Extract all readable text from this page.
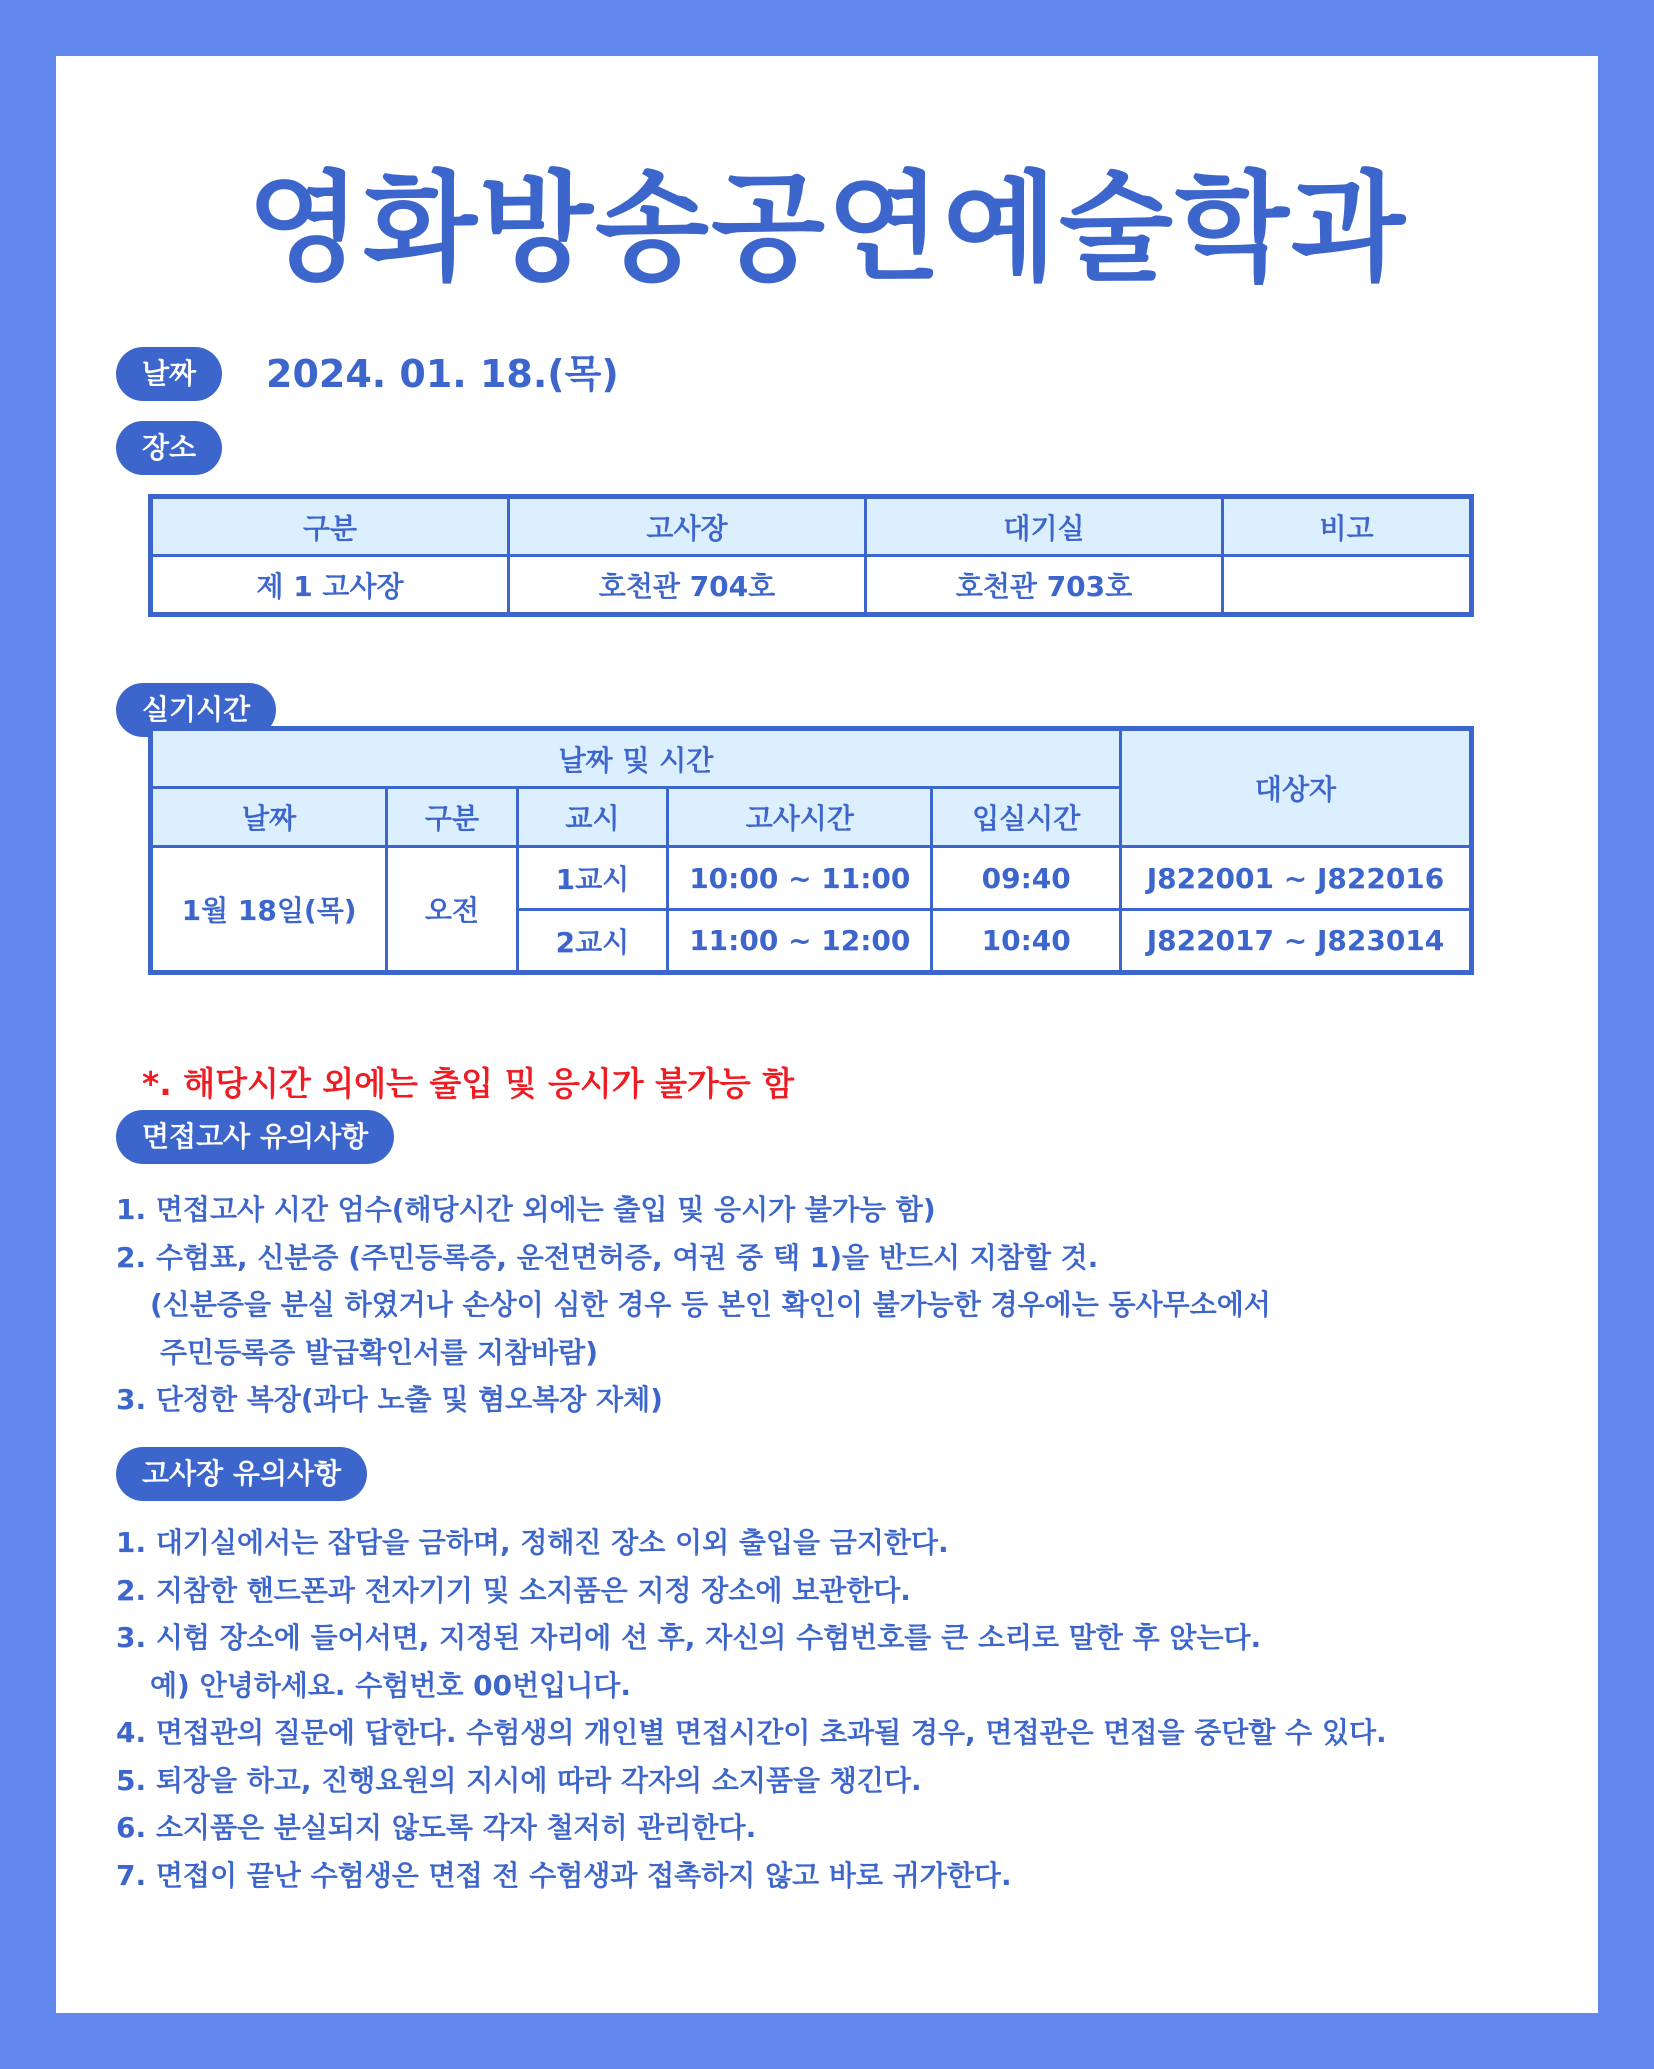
영화방송공연예술학과
날짜	2024. 01. 18.(목)
장소
구분	고사장	대기실	비고
제 1 고사장	호천관 704호	호천관 703호	
실기시간
날짜 및 시간					대상자
날짜	구분	교시	고사시간	입실시간	
1월 18일(목)	오전	1교시	10:00 ~ 11:00	09:40	J822001 ~ J822016
		2교시	11:00 ~ 12:00	10:40	J822017 ~ J823014
*. 해당시간 외에는 출입 및 응시가 불가능 함
면접고사 유의사항
1. 면접고사 시간 엄수(해당시간 외에는 출입 및 응시가 불가능 함)
2. 수험표, 신분증 (주민등록증, 운전면허증, 여권 중 택 1)을 반드시 지참할 것.
(신분증을 분실 하였거나 손상이 심한 경우 등 본인 확인이 불가능한 경우에는 동사무소에서
주민등록증 발급확인서를 지참바람)
3. 단정한 복장(과다 노출 및 혐오복장 자체)
고사장 유의사항
1. 대기실에서는 잡담을 금하며, 정해진 장소 이외 출입을 금지한다.
2. 지참한 핸드폰과 전자기기 및 소지품은 지정 장소에 보관한다.
3. 시험 장소에 들어서면, 지정된 자리에 선 후, 자신의 수험번호를 큰 소리로 말한 후 앉는다.
예) 안녕하세요. 수험번호 00번입니다.
4. 면접관의 질문에 답한다. 수험생의 개인별 면접시간이 초과될 경우, 면접관은 면접을 중단할 수 있다.
5. 퇴장을 하고, 진행요원의 지시에 따라 각자의 소지품을 챙긴다.
6. 소지품은 분실되지 않도록 각자 철저히 관리한다.
7. 면접이 끝난 수험생은 면접 전 수험생과 접촉하지 않고 바로 귀가한다.
